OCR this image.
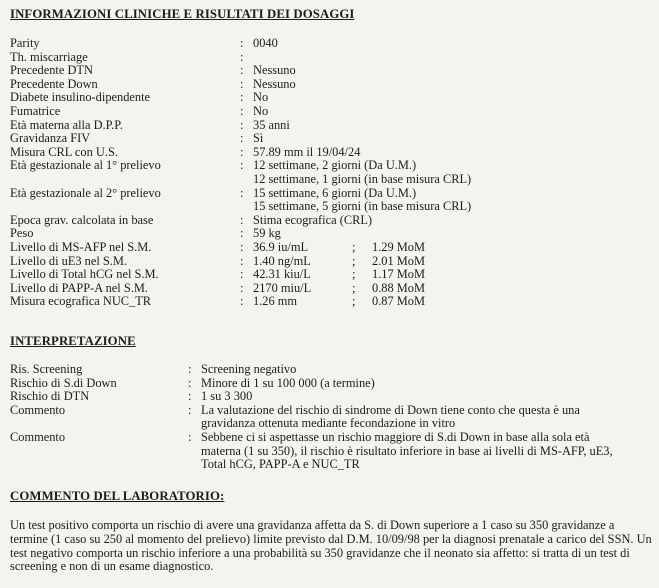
INFORMAZIONI CLINICHE E RISULTATI DEI DOSAGGI
Parity	: 0040
Th. miscarriage	:
Precedente DTN	: Nessuno
Precedente Down	: Nessuno
Diabete insulino-dipendente	: No
Fumatrice	: No
Età materna alla D.P.P.	: 35 anni
Gravidanza FIV	: Sì
Misura CRL con U.S.	: 57.89 mm il 19/04/24
Età gestazionale al 1° prelievo	: 12 settimane, 2 giorni (Da U.M.)
12 settimane, 1 giorni (in base misura CRL)
Età gestazionale al 2° prelievo	: 15 settimane, 6 giorni (Da U.M.)
15 settimane, 5 giorni (in base misura CRL)
Epoca grav. calcolata in base	: Stima ecografica (CRL)
Peso	: 59 kg
Livello di MS-AFP nel S.M.	: 36.9 iu/mL	; 1.29 MoM
Livello di uE3 nel S.M.	: 1.40 ng/mL	; 2.01 MoM
Livello di Total hCG nel S.M.	: 42.31 kiu/L	; 1.17 MoM
Livello di PAPP-A nel S.M.	: 2170 miu/L	; 0.88 MoM
Misura ecografica NUC_TR	: 1.26 mm	; 0.87 MoM
INTERPRETAZIONE
Ris. Screening	: Screening negativo
Rischio di S.di Down	: Minore di 1 su 100 000 (a termine)
Rischio di DTN	: 1 su 3 300
Commento	: La valutazione del rischio di sindrome di Down tiene conto che questa è una
gravidanza ottenuta mediante fecondazione in vitro
Commento	: Sebbene ci si aspettasse un rischio maggiore di S.di Down in base alla sola età
materna (1 su 350), il rischio è risultato inferiore in base ai livelli di MS-AFP, uE3,
Total hCG, PAPP-A e NUC_TR
COMMENTO DEL LABORATORIO:
Un test positivo comporta un rischio di avere una gravidanza affetta da S. di Down superiore a 1 caso su 350 gravidanze a termine (1 caso su 250 al momento del prelievo) limite previsto dal D.M. 10/09/98 per la diagnosi prenatale a carico del SSN. Un test negativo comporta un rischio inferiore a una probabilità su 350 gravidanze che il neonato sia affetto: si tratta di un test di screening e non di un esame diagnostico.
